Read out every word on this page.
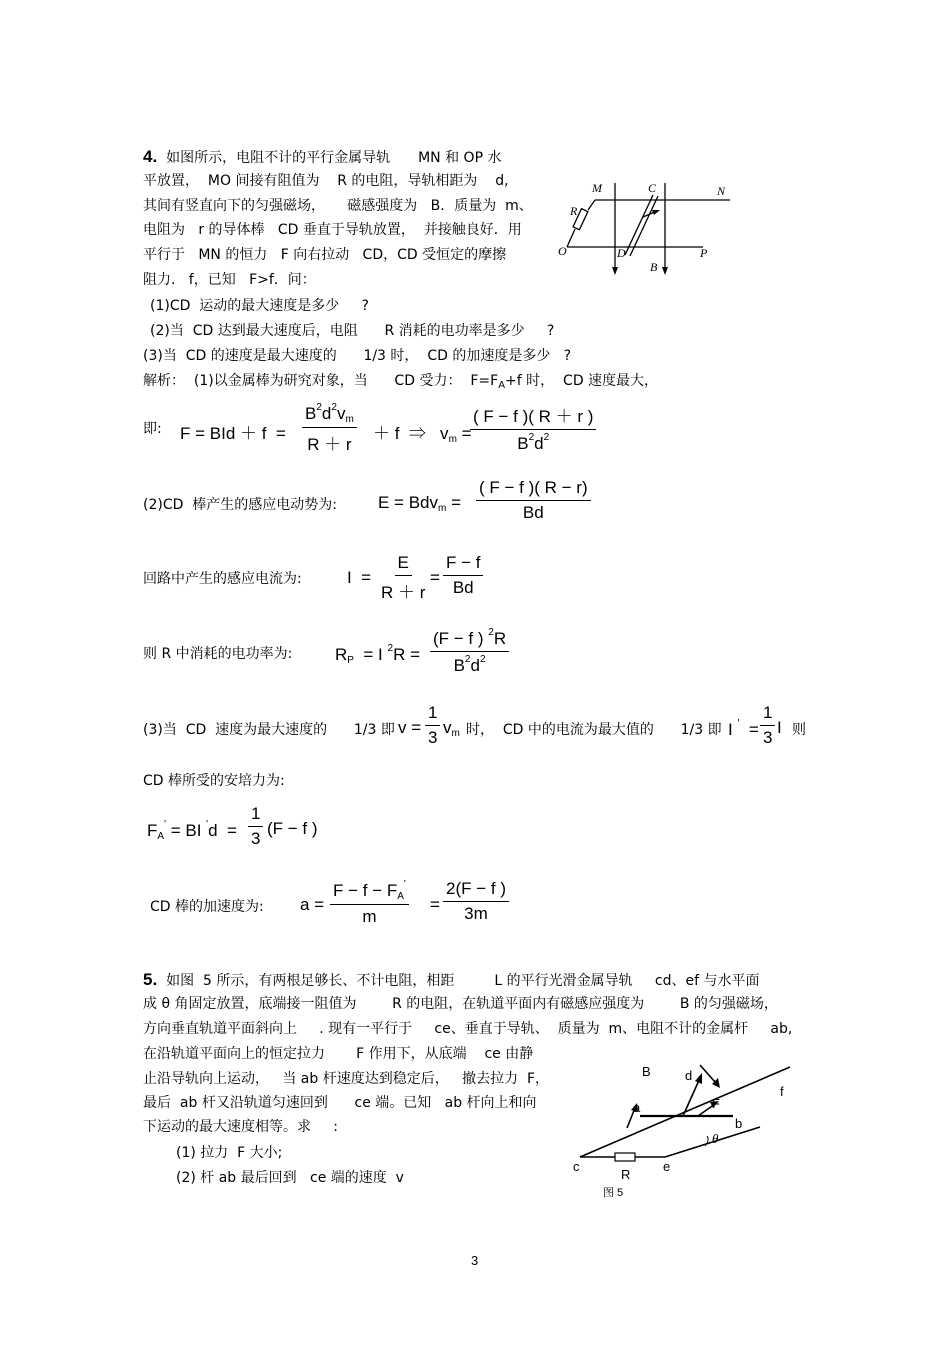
4. 如图所示，电阻不计的平行金属导轨　　MN 和 OP 水
平放置，  MO 间接有阻值为    R 的电阻，导轨相距为    d,
其间有竖直向下的匀强磁场，     磁感强度为   B．质量为  m、
电阻为   r 的导体棒   CD 垂直于导轨放置，  并接触良好．用
平行于   MN 的恒力   F 向右拉动   CD，CD 受恒定的摩擦
阻力.   f，已知   F>f．问：
(1)CD  运动的最大速度是多少     ?
(2)当  CD 达到最大速度后，电阻      R 消耗的电功率是多少     ?
(3)当  CD 的速度是最大速度的      1/3 时，  CD 的加速度是多少   ?
解析：  (1)以金属棒为研究对象，当      CD 受力：  $F=F_A+f$ 时，  CD 速度最大，
M	C	N
R
O	D	P
B
即: F = BId ＋ $f = \frac{B^2d^2v_m}{R + r} + f$  ⇒   $v_m$ =
$\frac{( F - f )( R + r )}{B^2d^2}$
(2)CD  棒产生的感应电动势为: $E = Bdv_m = \frac{( F - f )( R - r)}{Bd}$
回路中产生的感应电流为:	$I = \frac{E}{R + r} = \frac{F - f}{Bd}$
则 R 中消耗的电功率为:	$R_P = I$ $^2R = \frac{(F - f ) ^2R}{B^2d^2}$
(3)当  CD  速度为最大速度的      1/3 即 $v = \frac{1}{3} v_m$ 时，  CD 中的电流为最大值的      1/3 即 I $' = \frac{1}{3}$ I 则
CD 棒所受的安培力为:
$F_A'$ = BI $'d = \frac{1}{3} (F - f$ )
CD 棒的加速度为: $a = \frac{F - f - F_A'}{m} = \frac{2(F - f )}{3m}$
5. 如图  5 所示，有两根足够长、不计电阻，相距         L 的平行光滑金属导轨     cd、ef 与水平面
成 θ 角固定放置，底端接一阻值为        R 的电阻，在轨道平面内有磁感应强度为        B 的匀强磁场，
方向垂直轨道平面斜向上     . 现有一平行于     ce、垂直于导轨、  质量为  m、电阻不计的金属杆     ab,
在沿轨道平面向上的恒定拉力       F 作用下，从底端    ce 由静
止沿导轨向上运动，   当 ab 杆速度达到稳定后，   撤去拉力  F，
最后  ab 杆又沿轨道匀速回到      ce 端。已知   ab 杆向上和向
下运动的最大速度相等。求     :
(1) 拉力  F 大小;
(2) 杆 ab 最后回到   ce 端的速度  v
B	d
f
a	F
b
θ
c
R
e
图 5
3
